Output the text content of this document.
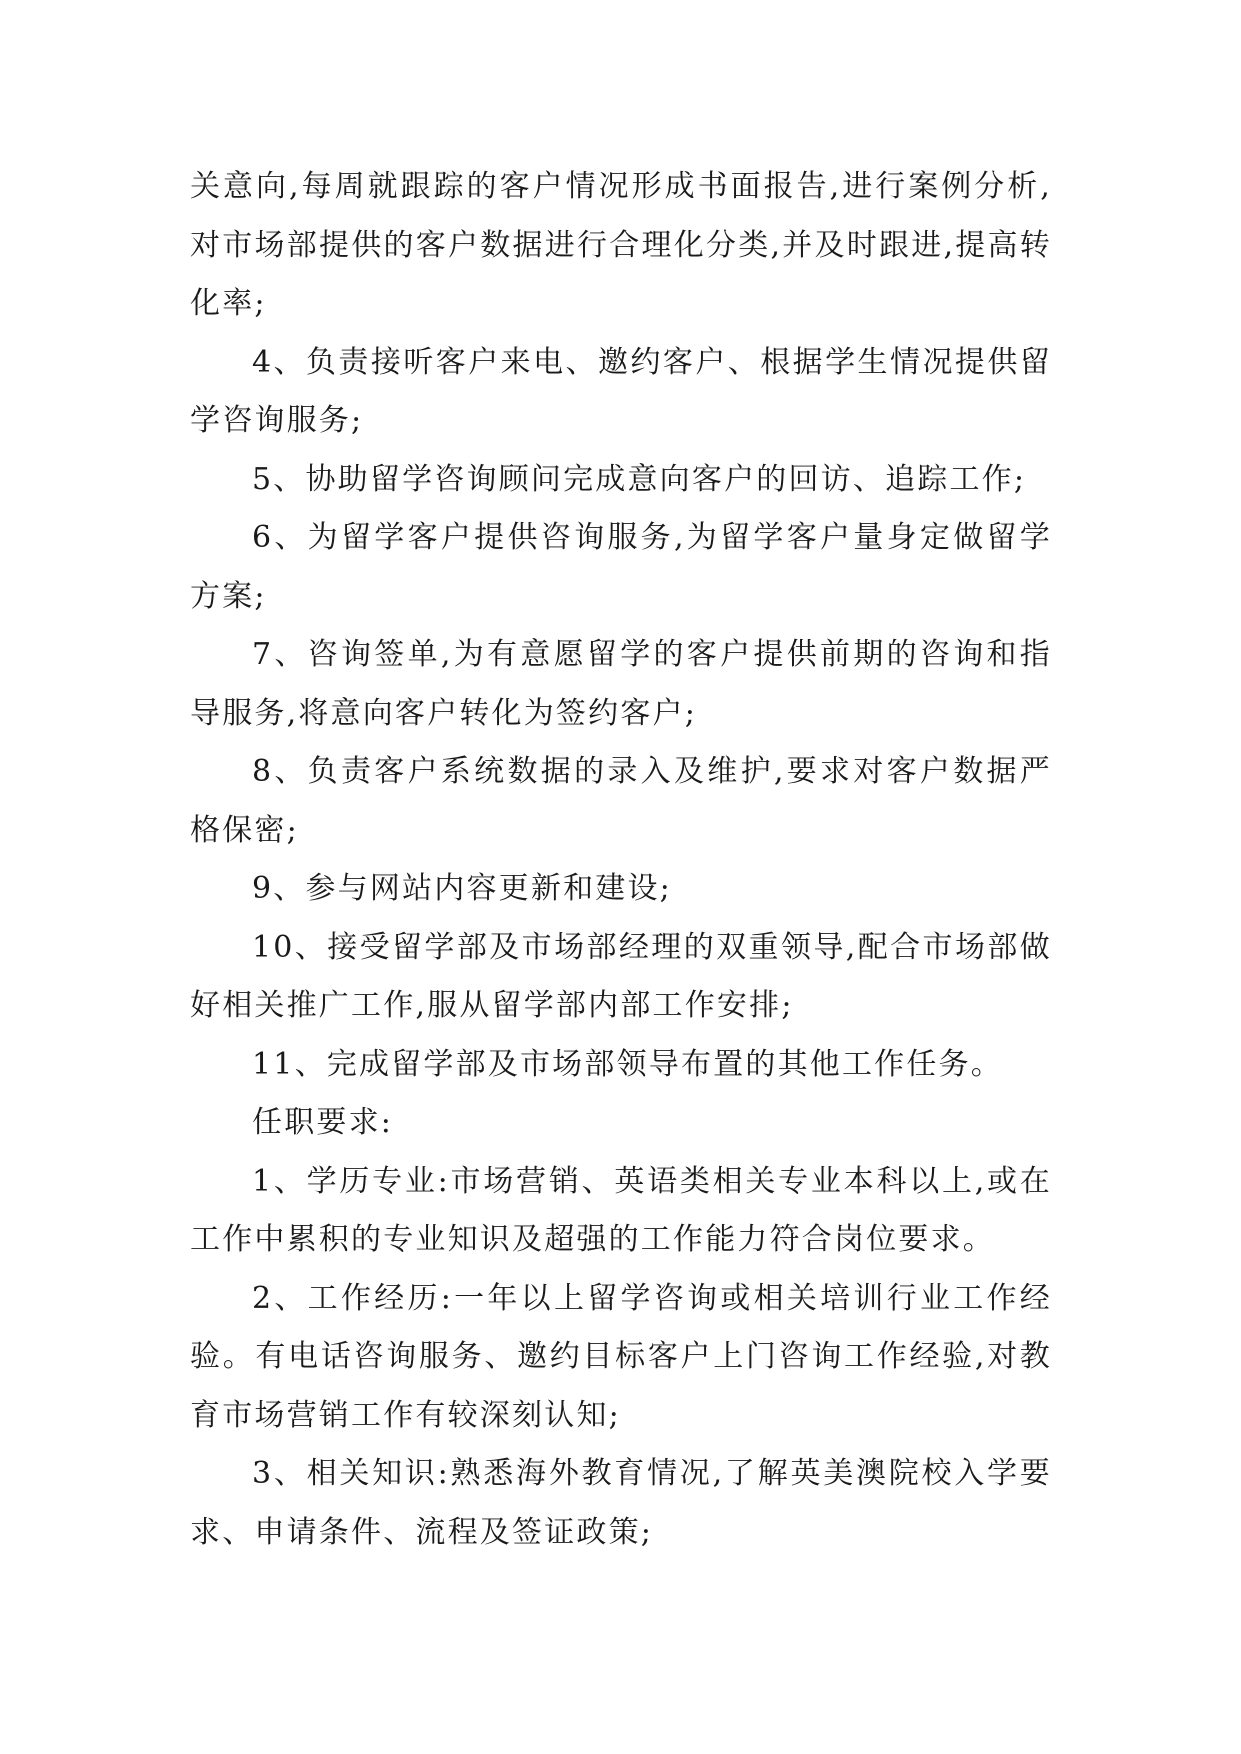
关意向,每周就跟踪的客户情况形成书面报告,进行案例分析,对市场部提供的客户数据进行合理化分类,并及时跟进,提高转化率;

4、负责接听客户来电、邀约客户、根据学生情况提供留学咨询服务;

5、协助留学咨询顾问完成意向客户的回访、追踪工作;

6、为留学客户提供咨询服务,为留学客户量身定做留学方案;

7、咨询签单,为有意愿留学的客户提供前期的咨询和指导服务,将意向客户转化为签约客户;

8、负责客户系统数据的录入及维护,要求对客户数据严格保密;

9、参与网站内容更新和建设;

10、接受留学部及市场部经理的双重领导,配合市场部做好相关推广工作,服从留学部内部工作安排;

11、完成留学部及市场部领导布置的其他工作任务。

任职要求:

1、学历专业:市场营销、英语类相关专业本科以上,或在工作中累积的专业知识及超强的工作能力符合岗位要求。

2、工作经历:一年以上留学咨询或相关培训行业工作经验。有电话咨询服务、邀约目标客户上门咨询工作经验,对教育市场营销工作有较深刻认知;

3、相关知识:熟悉海外教育情况,了解英美澳院校入学要求、申请条件、流程及签证政策;
